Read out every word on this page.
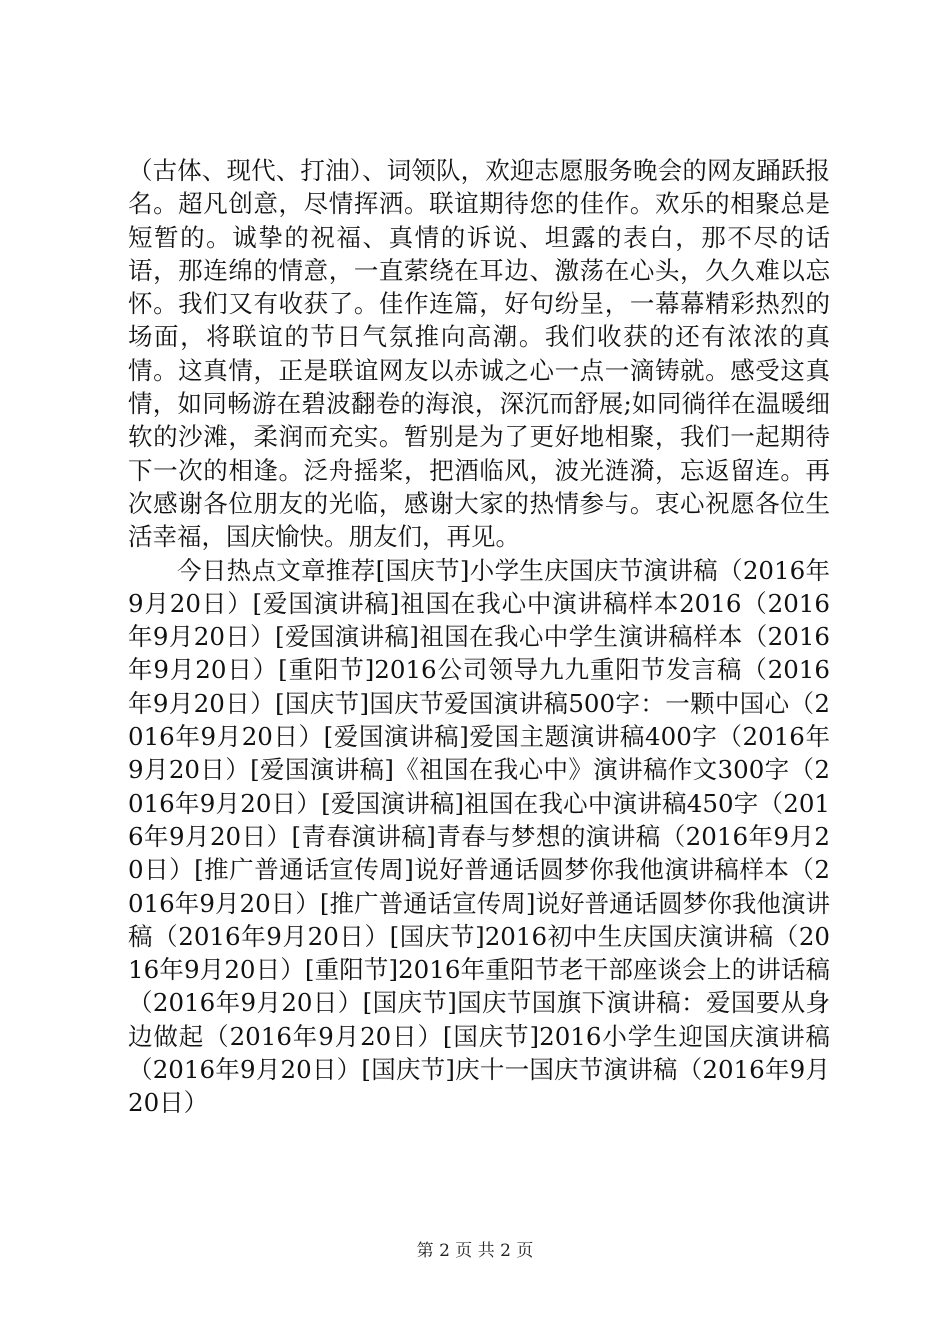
（古体、现代、打油）、词领队，欢迎志愿服务晚会的网友踊跃报名。超凡创意，尽情挥洒。联谊期待您的佳作。欢乐的相聚总是短暂的。诚挚的祝福、真情的诉说、坦露的表白，那不尽的话语，那连绵的情意，一直萦绕在耳边、激荡在心头，久久难以忘怀。我们又有收获了。佳作连篇，好句纷呈，一幕幕精彩热烈的场面，将联谊的节日气氛推向高潮。我们收获的还有浓浓的真情。这真情，正是联谊网友以赤诚之心一点一滴铸就。感受这真情，如同畅游在碧波翻卷的海浪，深沉而舒展;如同徜徉在温暖细软的沙滩，柔润而充实。暂别是为了更好地相聚，我们一起期待下一次的相逢。泛舟摇桨，把酒临风，波光涟漪，忘返留连。再次感谢各位朋友的光临，感谢大家的热情参与。衷心祝愿各位生活幸福，国庆愉快。朋友们，再见。

今日热点文章推荐[国庆节]小学生庆国庆节演讲稿（2016年9月20日）[爱国演讲稿]祖国在我心中演讲稿样本2016（2016年9月20日）[爱国演讲稿]祖国在我心中学生演讲稿样本（2016年9月20日）[重阳节]2016公司领导九九重阳节发言稿（2016年9月20日）[国庆节]国庆节爱国演讲稿500字：一颗中国心（2016年9月20日）[爱国演讲稿]爱国主题演讲稿400字（2016年9月20日）[爱国演讲稿]《祖国在我心中》演讲稿作文300字（2016年9月20日）[爱国演讲稿]祖国在我心中演讲稿450字（2016年9月20日）[青春演讲稿]青春与梦想的演讲稿（2016年9月20日）[推广普通话宣传周]说好普通话圆梦你我他演讲稿样本（2016年9月20日）[推广普通话宣传周]说好普通话圆梦你我他演讲稿（2016年9月20日）[国庆节]2016初中生庆国庆演讲稿（2016年9月20日）[重阳节]2016年重阳节老干部座谈会上的讲话稿（2016年9月20日）[国庆节]国庆节国旗下演讲稿：爱国要从身边做起（2016年9月20日）[国庆节]2016小学生迎国庆演讲稿（2016年9月20日）[国庆节]庆十一国庆节演讲稿（2016年9月20日）

第 2 页 共 2 页
